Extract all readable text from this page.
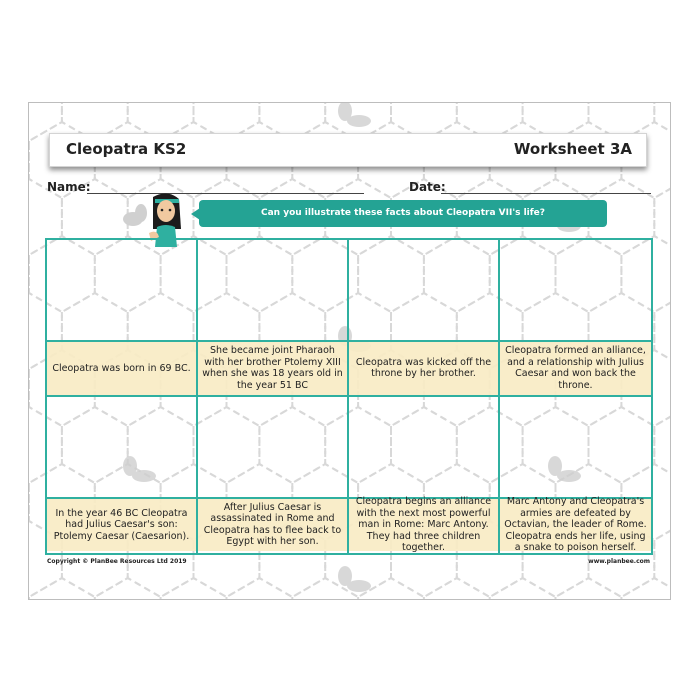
Cleopatra KS2	Worksheet 3A
Name:	Date:
Can you illustrate these facts about Cleopatra VII's life?
Cleopatra was born in 69 BC.
She became joint Pharaoh with her brother Ptolemy XIII when she was 18 years old in the year 51 BC
Cleopatra was kicked off the throne by her brother.
Cleopatra formed an alliance, and a relationship with Julius Caesar and won back the throne.
In the year 46 BC Cleopatra had Julius Caesar's son: Ptolemy Caesar (Caesarion).
After Julius Caesar is assassinated in Rome and Cleopatra has to flee back to Egypt with her son.
Cleopatra begins an alliance with the next most powerful man in Rome: Marc Antony. They had three children together.
Marc Antony and Cleopatra's armies are defeated by Octavian, the leader of Rome. Cleopatra ends her life, using a snake to poison herself.
Copyright © PlanBee Resources Ltd 2019	www.planbee.com
